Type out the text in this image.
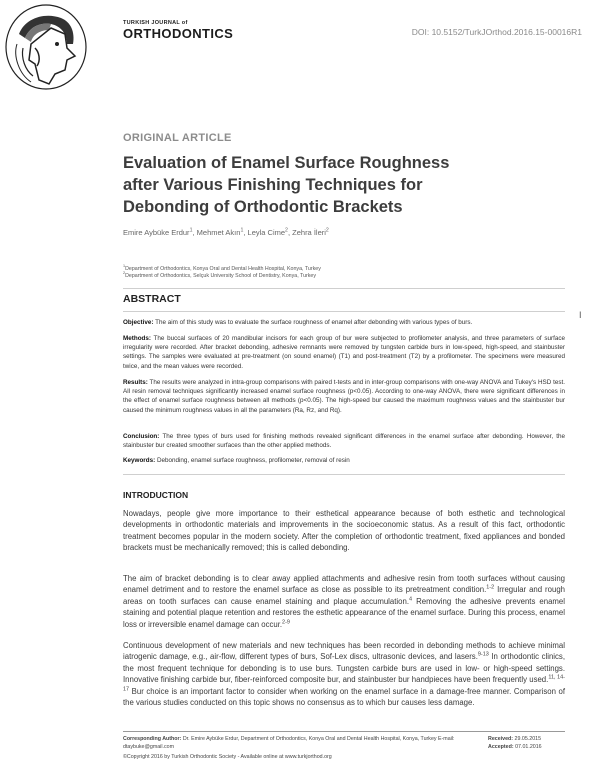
TURKISH JOURNAL of
ORTHODONTICS	DOI: 10.5152/TurkJOrthod.2016.15-00016R1
ORIGINAL ARTICLE
Evaluation of Enamel Surface Roughness after Various Finishing Techniques for Debonding of Orthodontic Brackets
Emire Aybüke Erdur$^1$, Mehmet Akın$^1$, Leyla Cime$^2$, Zehra İleri$^2$
$^1$Department of Orthodontics, Konya Oral and Dental Health Hospital, Konya, Turkey
$^2$Department of Orthodontics, Selçuk University School of Dentistry, Konya, Turkey
ABSTRACT
I
Objective: The aim of this study was to evaluate the surface roughness of enamel after debonding with various types of burs.
Methods: The buccal surfaces of 20 mandibular incisors for each group of bur were subjected to profilometer analysis, and three parameters of surface irregularity were recorded. After bracket debonding, adhesive remnants were removed by tungsten carbide burs in low-speed, high-speed, and stainbuster settings. The samples were evaluated at pre-treatment (on sound enamel) (T1) and post-treatment (T2) by a profilometer. The specimens were measured twice, and the mean values were recorded.
Results: The results were analyzed in intra-group comparisons with paired t-tests and in inter-group comparisons with one-way ANOVA and Tukey's HSD test. All resin removal techniques significantly increased enamel surface roughness (p<0.05). According to one-way ANOVA, there were significant differences in the effect of enamel surface roughness between all methods (p<0.05). The high-speed bur caused the maximum roughness values and the stainbuster bur caused the minimum roughness values in all the parameters (Ra, Rz, and Rq).
Conclusion: The three types of burs used for finishing methods revealed significant differences in the enamel surface after debonding. However, the stainbuster bur created smoother surfaces than the other applied methods.
Keywords: Debonding, enamel surface roughness, profilometer, removal of resin
INTRODUCTION
Nowadays, people give more importance to their esthetical appearance because of both esthetic and technological developments in orthodontic materials and improvements in the socioeconomic status. As a result of this fact, orthodontic treatment becomes popular in the modern society. After the completion of orthodontic treatment, fixed appliances and bonded brackets must be mechanically removed; this is called debonding.
The aim of bracket debonding is to clear away applied attachments and adhesive resin from tooth surfaces without causing enamel detriment and to restore the enamel surface as close as possible to its pretreatment condition.$^{1-2}$ Irregular and rough areas on tooth surfaces can cause enamel staining and plaque accumulation.$^4$ Removing the adhesive prevents enamel staining and potential plaque retention and restores the esthetic appearance of the enamel surface. During this process, enamel loss or irreversible enamel damage can occur.$^{2-9}$
Continuous development of new materials and new techniques has been recorded in debonding methods to achieve minimal iatrogenic damage, e.g., air-flow, different types of burs, Sof-Lex discs, ultrasonic devices, and lasers.$^{9-13}$ In orthodontic clinics, the most frequent technique for debonding is to use burs. Tungsten carbide burs are used in low- or high-speed settings. Innovative finishing carbide bur, fiber-reinforced composite bur, and stainbuster bur handpieces have been frequently used.$^{11, 14-17}$ Bur choice is an important factor to consider when working on the enamel surface in a damage-free manner. Comparison of the various studies conducted on this topic shows no consensus as to which bur causes less damage.
Corresponding Author: Dr. Emire Aybüke Erdur, Department of Orthodontics, Konya Oral and Dental Health Hospital, Konya, Turkey E-mail: dtaybuke@gmail.com
Received: 29.05.2015
Accepted: 07.01.2016
©Copyright 2016 by Turkish Orthodontic Society - Available online at www.turkjorthod.org
